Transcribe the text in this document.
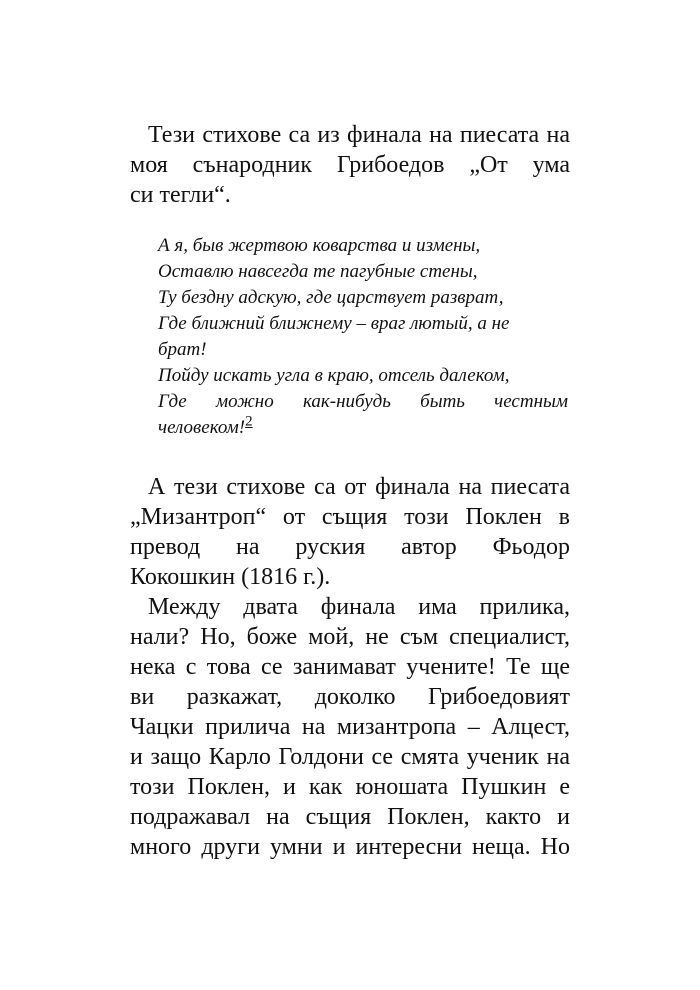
Тези стихове са из финала на пиесата на
моя сънародник Грибоедов „От ума
си тегли“.
А я, быв жертвою коварства и измены,
Оставлю навсегда те пагубные стены,
Ту бездну адскую, где царствует разврат,
Где ближний ближнему – враг лютый, а не
брат!
Пойду искать угла в краю, отсель далеком,
Где можно как-нибудь быть честным
человеком!$^2$
А тези стихове са от финала на пиесата
„Мизантроп“ от същия този Поклен в
превод на руския автор Фьодор
Кокошкин (1816 г.).
Между двата финала има прилика,
нали? Но, боже мой, не съм специалист,
нека с това се занимават учените! Те ще
ви разкажат, доколко Грибоедовият
Чацки прилича на мизантропа – Алцест,
и защо Карло Голдони се смята ученик на
този Поклен, и как юношата Пушкин е
подражавал на същия Поклен, както и
много други умни и интересни неща. Но
